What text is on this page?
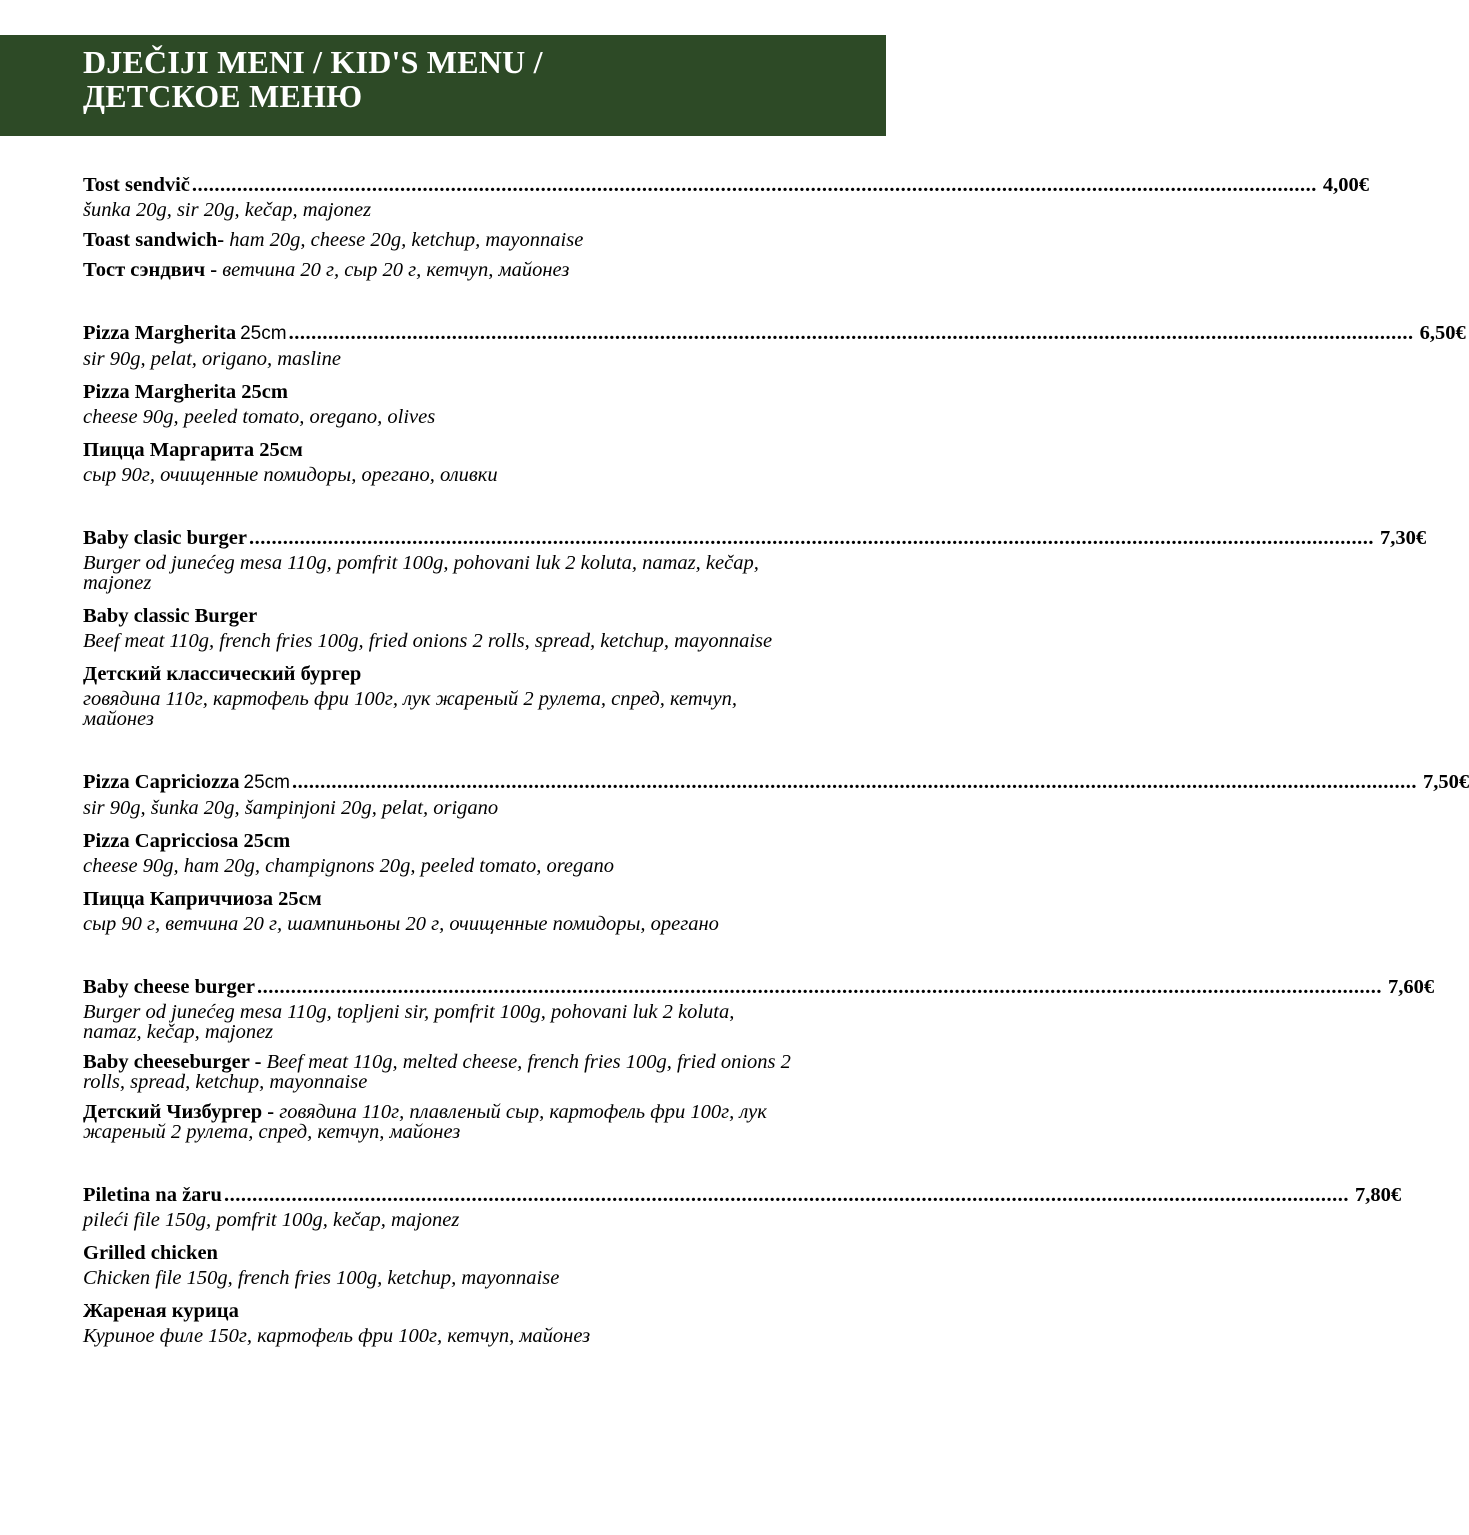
DJEČIJI MENI / KID'S MENU /
ДЕТСКОЕ МЕНЮ
Tost sendvič ........................................................................................................................................................................................................ 4,00€
šunka 20g, sir 20g, kečap, majonez
Toast sandwich- ham 20g, cheese 20g, ketchup, mayonnaise
Тост сэндвич - ветчина 20 г, сыр 20 г, кетчуп, майонез
Pizza Margherita 25cm ........................................................................................................................................................................................................ 6,50€
sir 90g, pelat, origano, masline
Pizza Margherita 25cm
cheese 90g, peeled tomato, oregano, olives
Пицца Маргарита 25см
сыр 90г, очищенные помидоры, орегано, оливки
Baby clasic burger ........................................................................................................................................................................................................ 7,30€
Burger od junećeg mesa 110g, pomfrit 100g, pohovani luk 2 koluta, namaz, kečap, majonez
Baby classic Burger
Beef meat 110g, french fries 100g, fried onions 2 rolls, spread, ketchup, mayonnaise
Детский классический бургер
говядина 110г, картофель фри 100г, лук жареный 2 рулета, спред, кетчуп, майонез
Pizza Capriciozza 25cm ........................................................................................................................................................................................................ 7,50€
sir 90g, šunka 20g, šampinjoni 20g, pelat, origano
Pizza Capricciosa 25cm
cheese 90g, ham 20g, champignons 20g, peeled tomato, oregano
Пицца Каприччиоза 25см
сыр 90 г, ветчина 20 г, шампиньоны 20 г, очищенные помидоры, орегано
Baby cheese burger ........................................................................................................................................................................................................ 7,60€
Burger od junećeg mesa 110g, topljeni sir, pomfrit 100g, pohovani luk 2 koluta, namaz, kečap, majonez
Baby cheeseburger - Beef meat 110g, melted cheese, french fries 100g, fried onions 2 rolls, spread, ketchup, mayonnaise
Детский Чизбургер - говядина 110г, плавленый сыр, картофель фри 100г, лук жареный 2 рулета, спред, кетчуп, майонез
Piletina na žaru ........................................................................................................................................................................................................ 7,80€
pileći file 150g, pomfrit 100g, kečap, majonez
Grilled chicken
Chicken file 150g, french fries 100g, ketchup, mayonnaise
Жареная курица
Куриное филе 150г, картофель фри 100г, кетчуп, майонез
